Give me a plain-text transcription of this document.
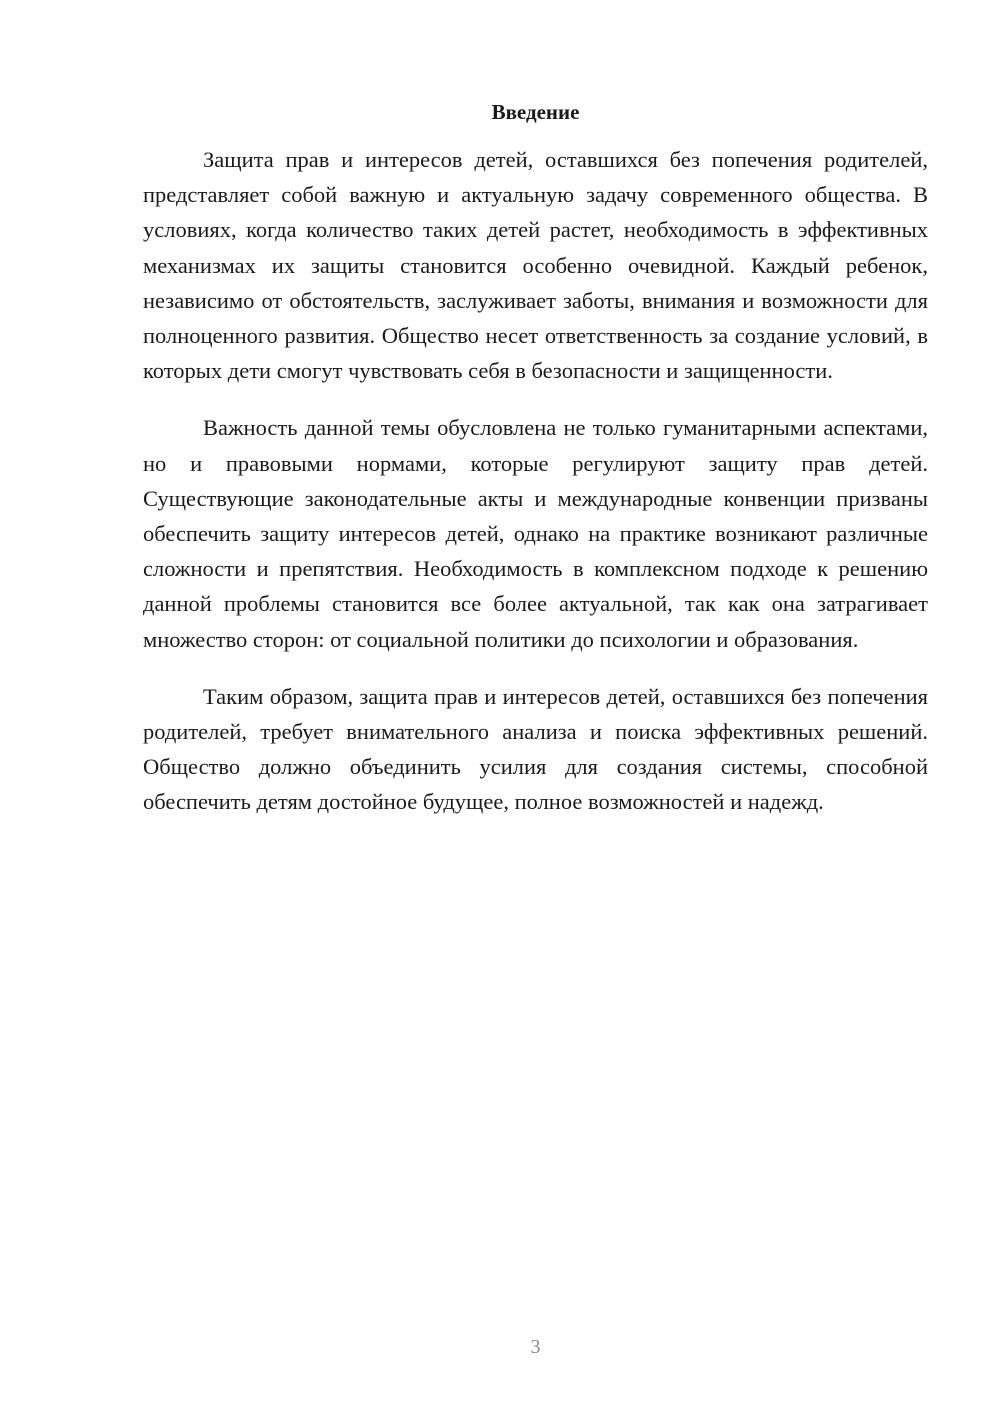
Введение

Защита прав и интересов детей, оставшихся без попечения родителей, представляет собой важную и актуальную задачу современного общества. В условиях, когда количество таких детей растет, необходимость в эффективных механизмах их защиты становится особенно очевидной. Каждый ребенок, независимо от обстоятельств, заслуживает заботы, внимания и возможности для полноценного развития. Общество несет ответственность за создание условий, в которых дети смогут чувствовать себя в безопасности и защищенности.

Важность данной темы обусловлена не только гуманитарными аспектами, но и правовыми нормами, которые регулируют защиту прав детей. Существующие законодательные акты и международные конвенции призваны обеспечить защиту интересов детей, однако на практике возникают различные сложности и препятствия. Необходимость в комплексном подходе к решению данной проблемы становится все более актуальной, так как она затрагивает множество сторон: от социальной политики до психологии и образования.

Таким образом, защита прав и интересов детей, оставшихся без попечения родителей, требует внимательного анализа и поиска эффективных решений. Общество должно объединить усилия для создания системы, способной обеспечить детям достойное будущее, полное возможностей и надежд.

3
